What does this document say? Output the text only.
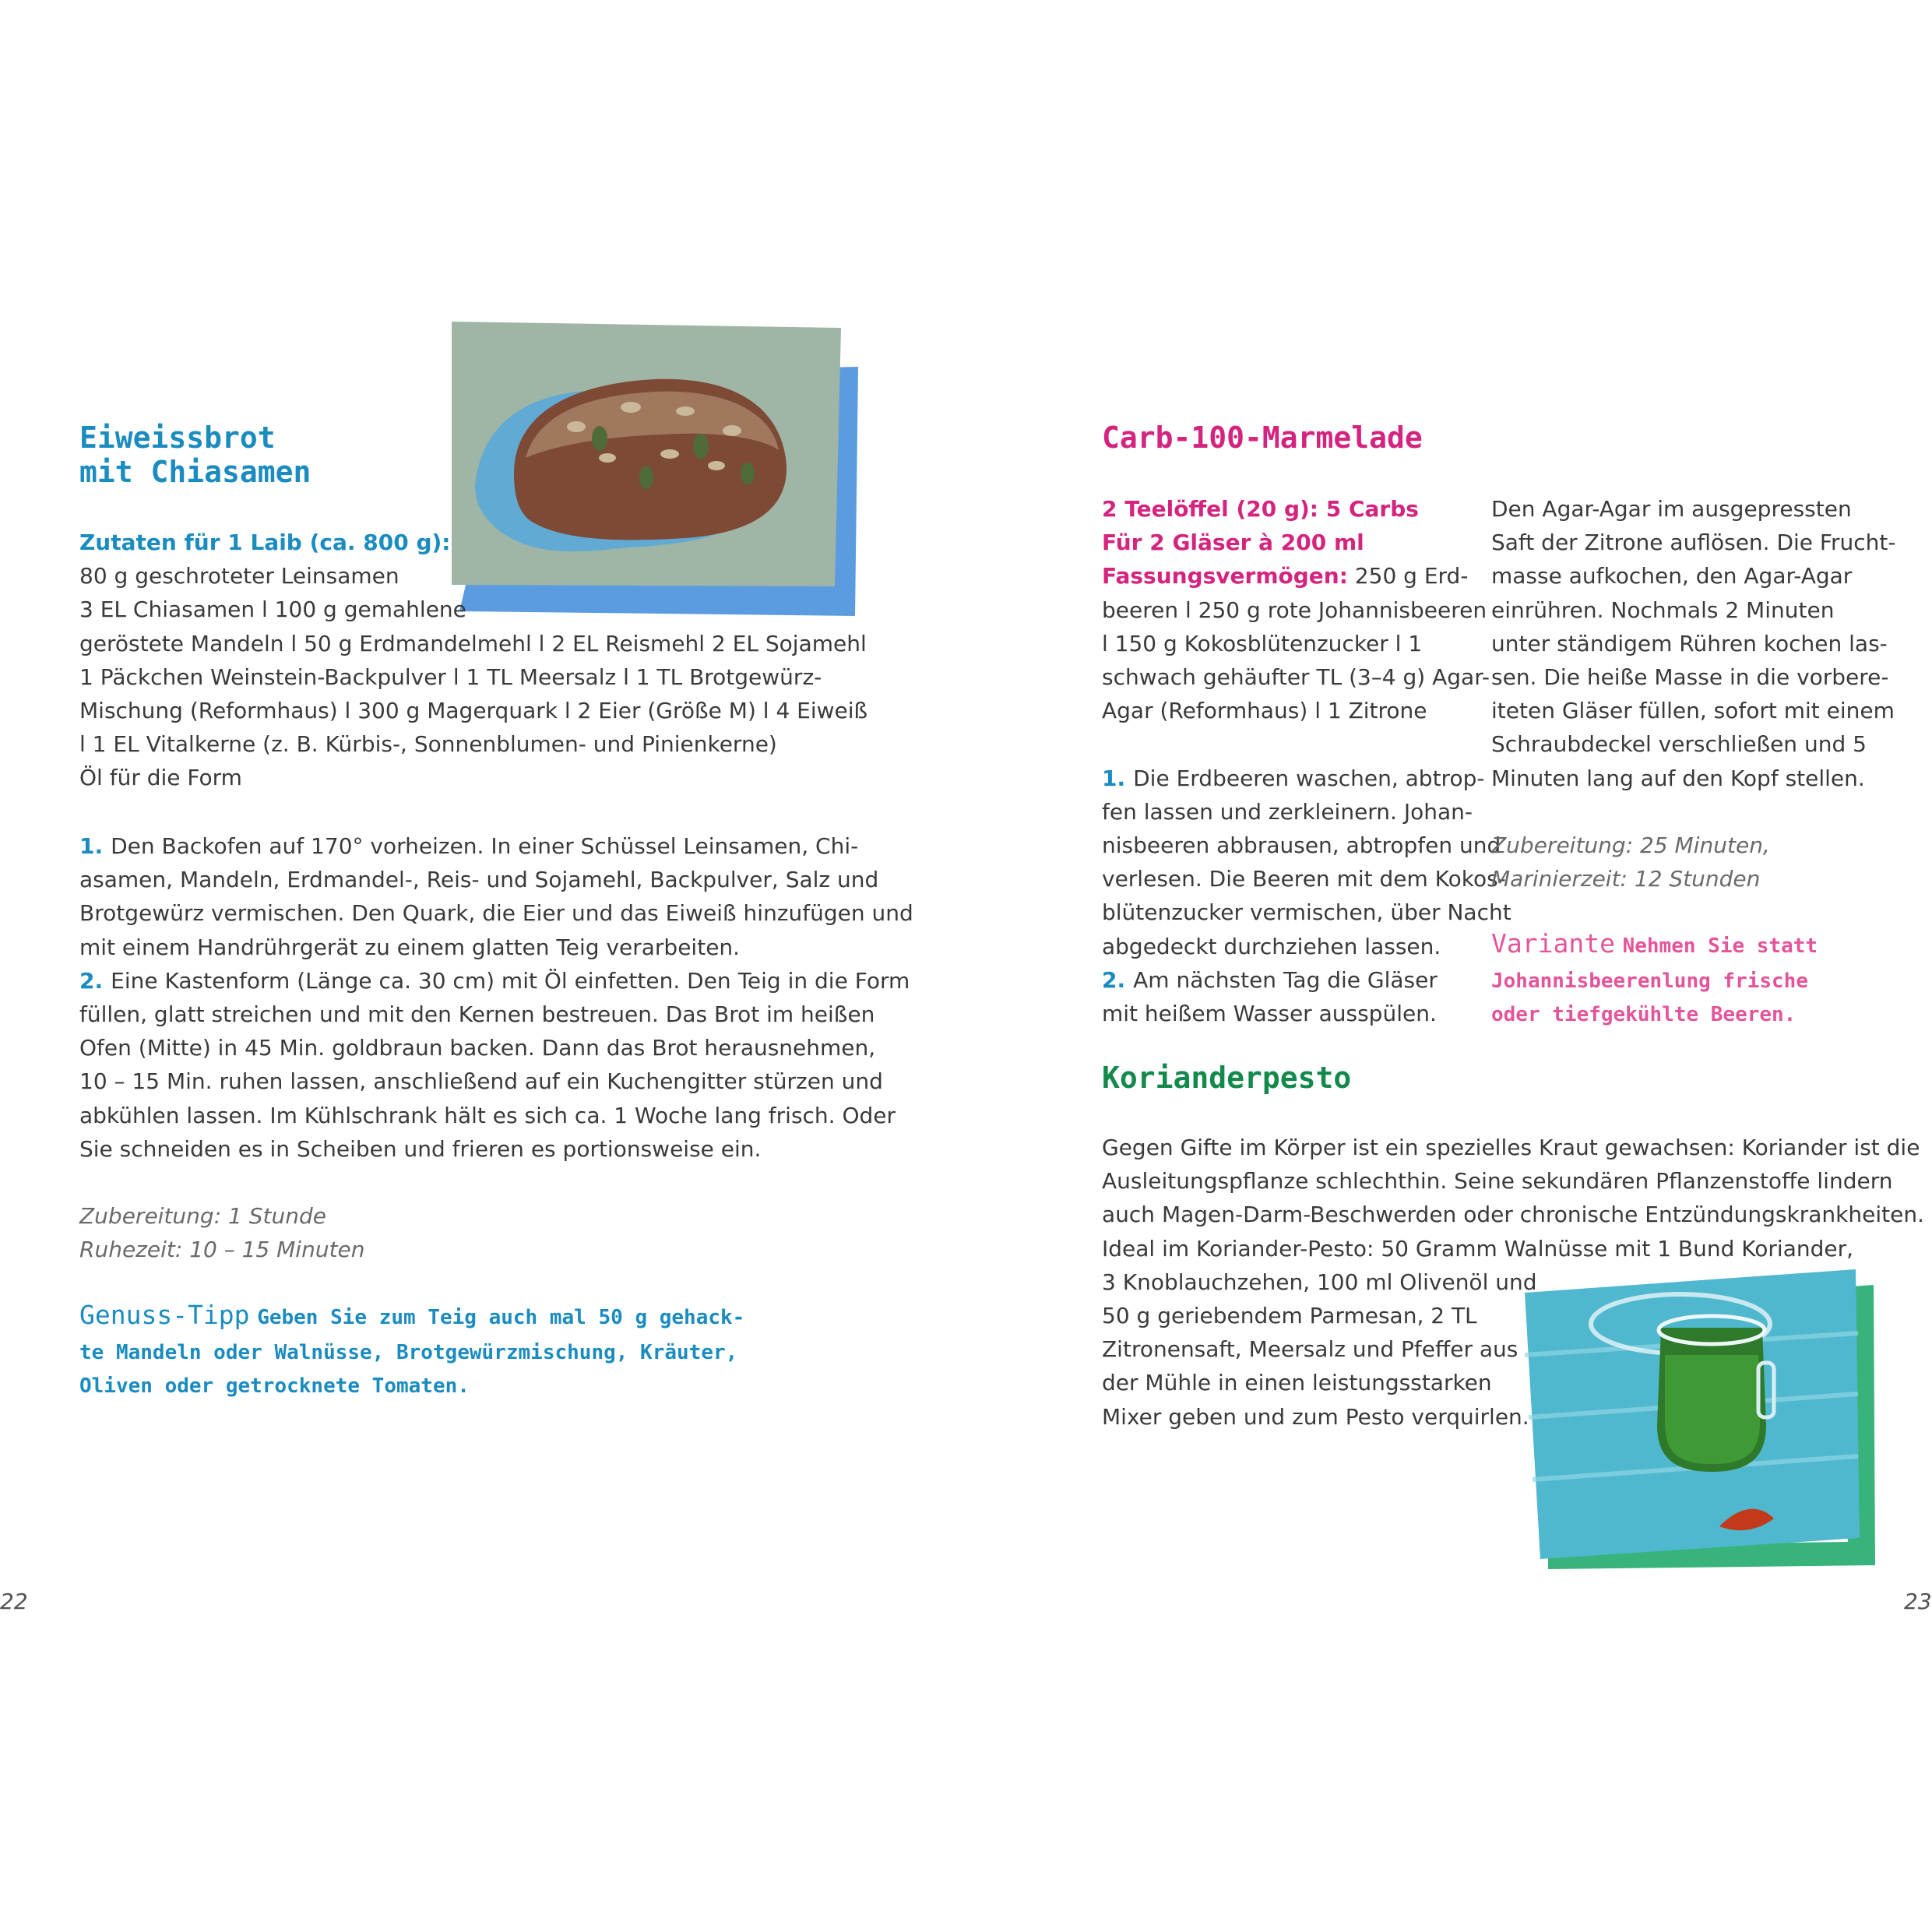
Eiweissbrot
mit Chiasamen
Zutaten für 1 Laib (ca. 800 g):
80 g geschroteter Leinsamen
3 EL Chiasamen l 100 g gemahlene
geröstete Mandeln l 50 g Erdmandelmehl l 2 EL Reismehl 2 EL Sojamehl
1 Päckchen Weinstein-Backpulver l 1 TL Meersalz l 1 TL Brotgewürz-
Mischung (Reformhaus) l 300 g Magerquark l 2 Eier (Größe M) l 4 Eiweiß
l 1 EL Vitalkerne (z. B. Kürbis-, Sonnenblumen- und Pinienkerne)
Öl für die Form
1. Den Backofen auf 170° vorheizen. In einer Schüssel Leinsamen, Chi-
asamen, Mandeln, Erdmandel-, Reis- und Sojamehl, Backpulver, Salz und
Brotgewürz vermischen. Den Quark, die Eier und das Eiweiß hinzufügen und
mit einem Handrührgerät zu einem glatten Teig verarbeiten.
2. Eine Kastenform (Länge ca. 30 cm) mit Öl einfetten. Den Teig in die Form
füllen, glatt streichen und mit den Kernen bestreuen. Das Brot im heißen
Ofen (Mitte) in 45 Min. goldbraun backen. Dann das Brot herausnehmen,
10 – 15 Min. ruhen lassen, anschließend auf ein Kuchengitter stürzen und
abkühlen lassen. Im Kühlschrank hält es sich ca. 1 Woche lang frisch. Oder
Sie schneiden es in Scheiben und frieren es portionsweise ein.
Zubereitung: 1 Stunde
Ruhezeit: 10 – 15 Minuten
Genuss-Tipp Geben Sie zum Teig auch mal 50 g gehack-
te Mandeln oder Walnüsse, Brotgewürzmischung, Kräuter,
Oliven oder getrocknete Tomaten.
22
Carb-100-Marmelade
2 Teelöffel (20 g): 5 Carbs
Für 2 Gläser à 200 ml
Fassungsvermögen: 250 g Erd-
beeren l 250 g rote Johannisbeeren
l 150 g Kokosblütenzucker l 1
schwach gehäufter TL (3–4 g) Agar-
Agar (Reformhaus) l 1 Zitrone

1. Die Erdbeeren waschen, abtrop-
fen lassen und zerkleinern. Johan-
nisbeeren abbrausen, abtropfen und
verlesen. Die Beeren mit dem Kokos-
blütenzucker vermischen, über Nacht
abgedeckt durchziehen lassen.
2. Am nächsten Tag die Gläser
mit heißem Wasser ausspülen.
Den Agar-Agar im ausgepressten
Saft der Zitrone auflösen. Die Frucht-
masse aufkochen, den Agar-Agar
einrühren. Nochmals 2 Minuten
unter ständigem Rühren kochen las-
sen. Die heiße Masse in die vorbere-
iteten Gläser füllen, sofort mit einem
Schraubdeckel verschließen und 5
Minuten lang auf den Kopf stellen.

Zubereitung: 25 Minuten,
Marinierzeit: 12 Stunden
Variante Nehmen Sie statt
Johannisbeerenlung frische
oder tiefgekühlte Beeren.
Korianderpesto
Gegen Gifte im Körper ist ein spezielles Kraut gewachsen: Koriander ist die
Ausleitungspflanze schlechthin. Seine sekundären Pflanzenstoffe lindern
auch Magen-Darm-Beschwerden oder chronische Entzündungskrankheiten.
Ideal im Koriander-Pesto: 50 Gramm Walnüsse mit 1 Bund Koriander,
3 Knoblauchzehen, 100 ml Olivenöl und
50 g geriebendem Parmesan, 2 TL
Zitronensaft, Meersalz und Pfeffer aus
der Mühle in einen leistungsstarken
Mixer geben und zum Pesto verquirlen.
23
